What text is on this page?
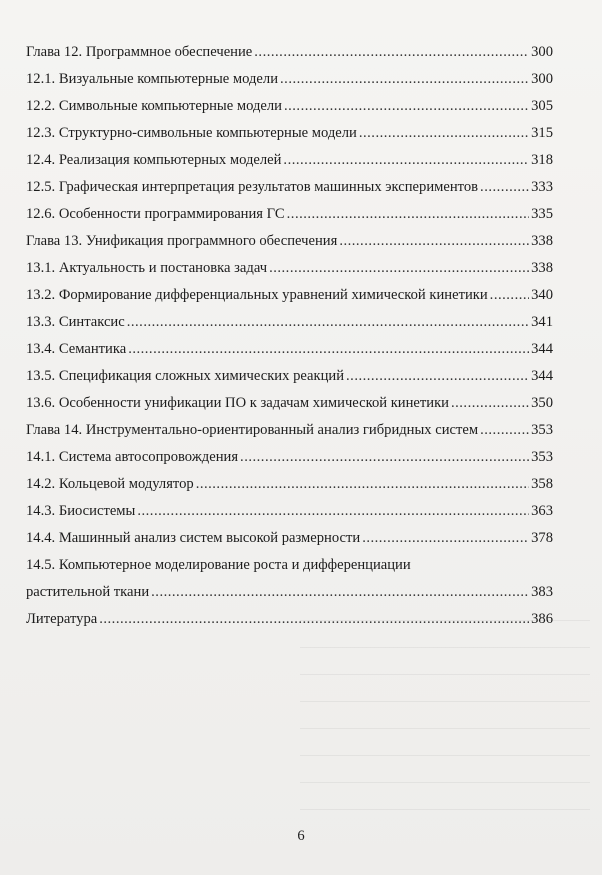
Глава 12. Программное обеспечение .....	300
12.1. Визуальные компьютерные модели .....	300
12.2. Символьные компьютерные модели .....	305
12.3. Структурно-символьные компьютерные модели .....	315
12.4. Реализация компьютерных моделей .....	318
12.5. Графическая интерпретация результатов машинных экспериментов .....	333
12.6. Особенности программирования ГС .....	335
Глава 13. Унификация программного обеспечения .....	338
13.1. Актуальность и постановка задач .....	338
13.2. Формирование дифференциальных уравнений химической кинетики .....	340
13.3. Синтаксис .....	341
13.4. Семантика .....	344
13.5. Спецификация сложных химических реакций .....	344
13.6. Особенности унификации ПО к задачам химической кинетики .....	350
Глава 14. Инструментально-ориентированный анализ гибридных систем .....	353
14.1. Система автосопровождения .....	353
14.2. Кольцевой модулятор .....	358
14.3. Биосистемы .....	363
14.4. Машинный анализ систем высокой размерности .....	378
14.5. Компьютерное моделирование роста и дифференциации
растительной ткани .....	383
Литература .....	386
6
